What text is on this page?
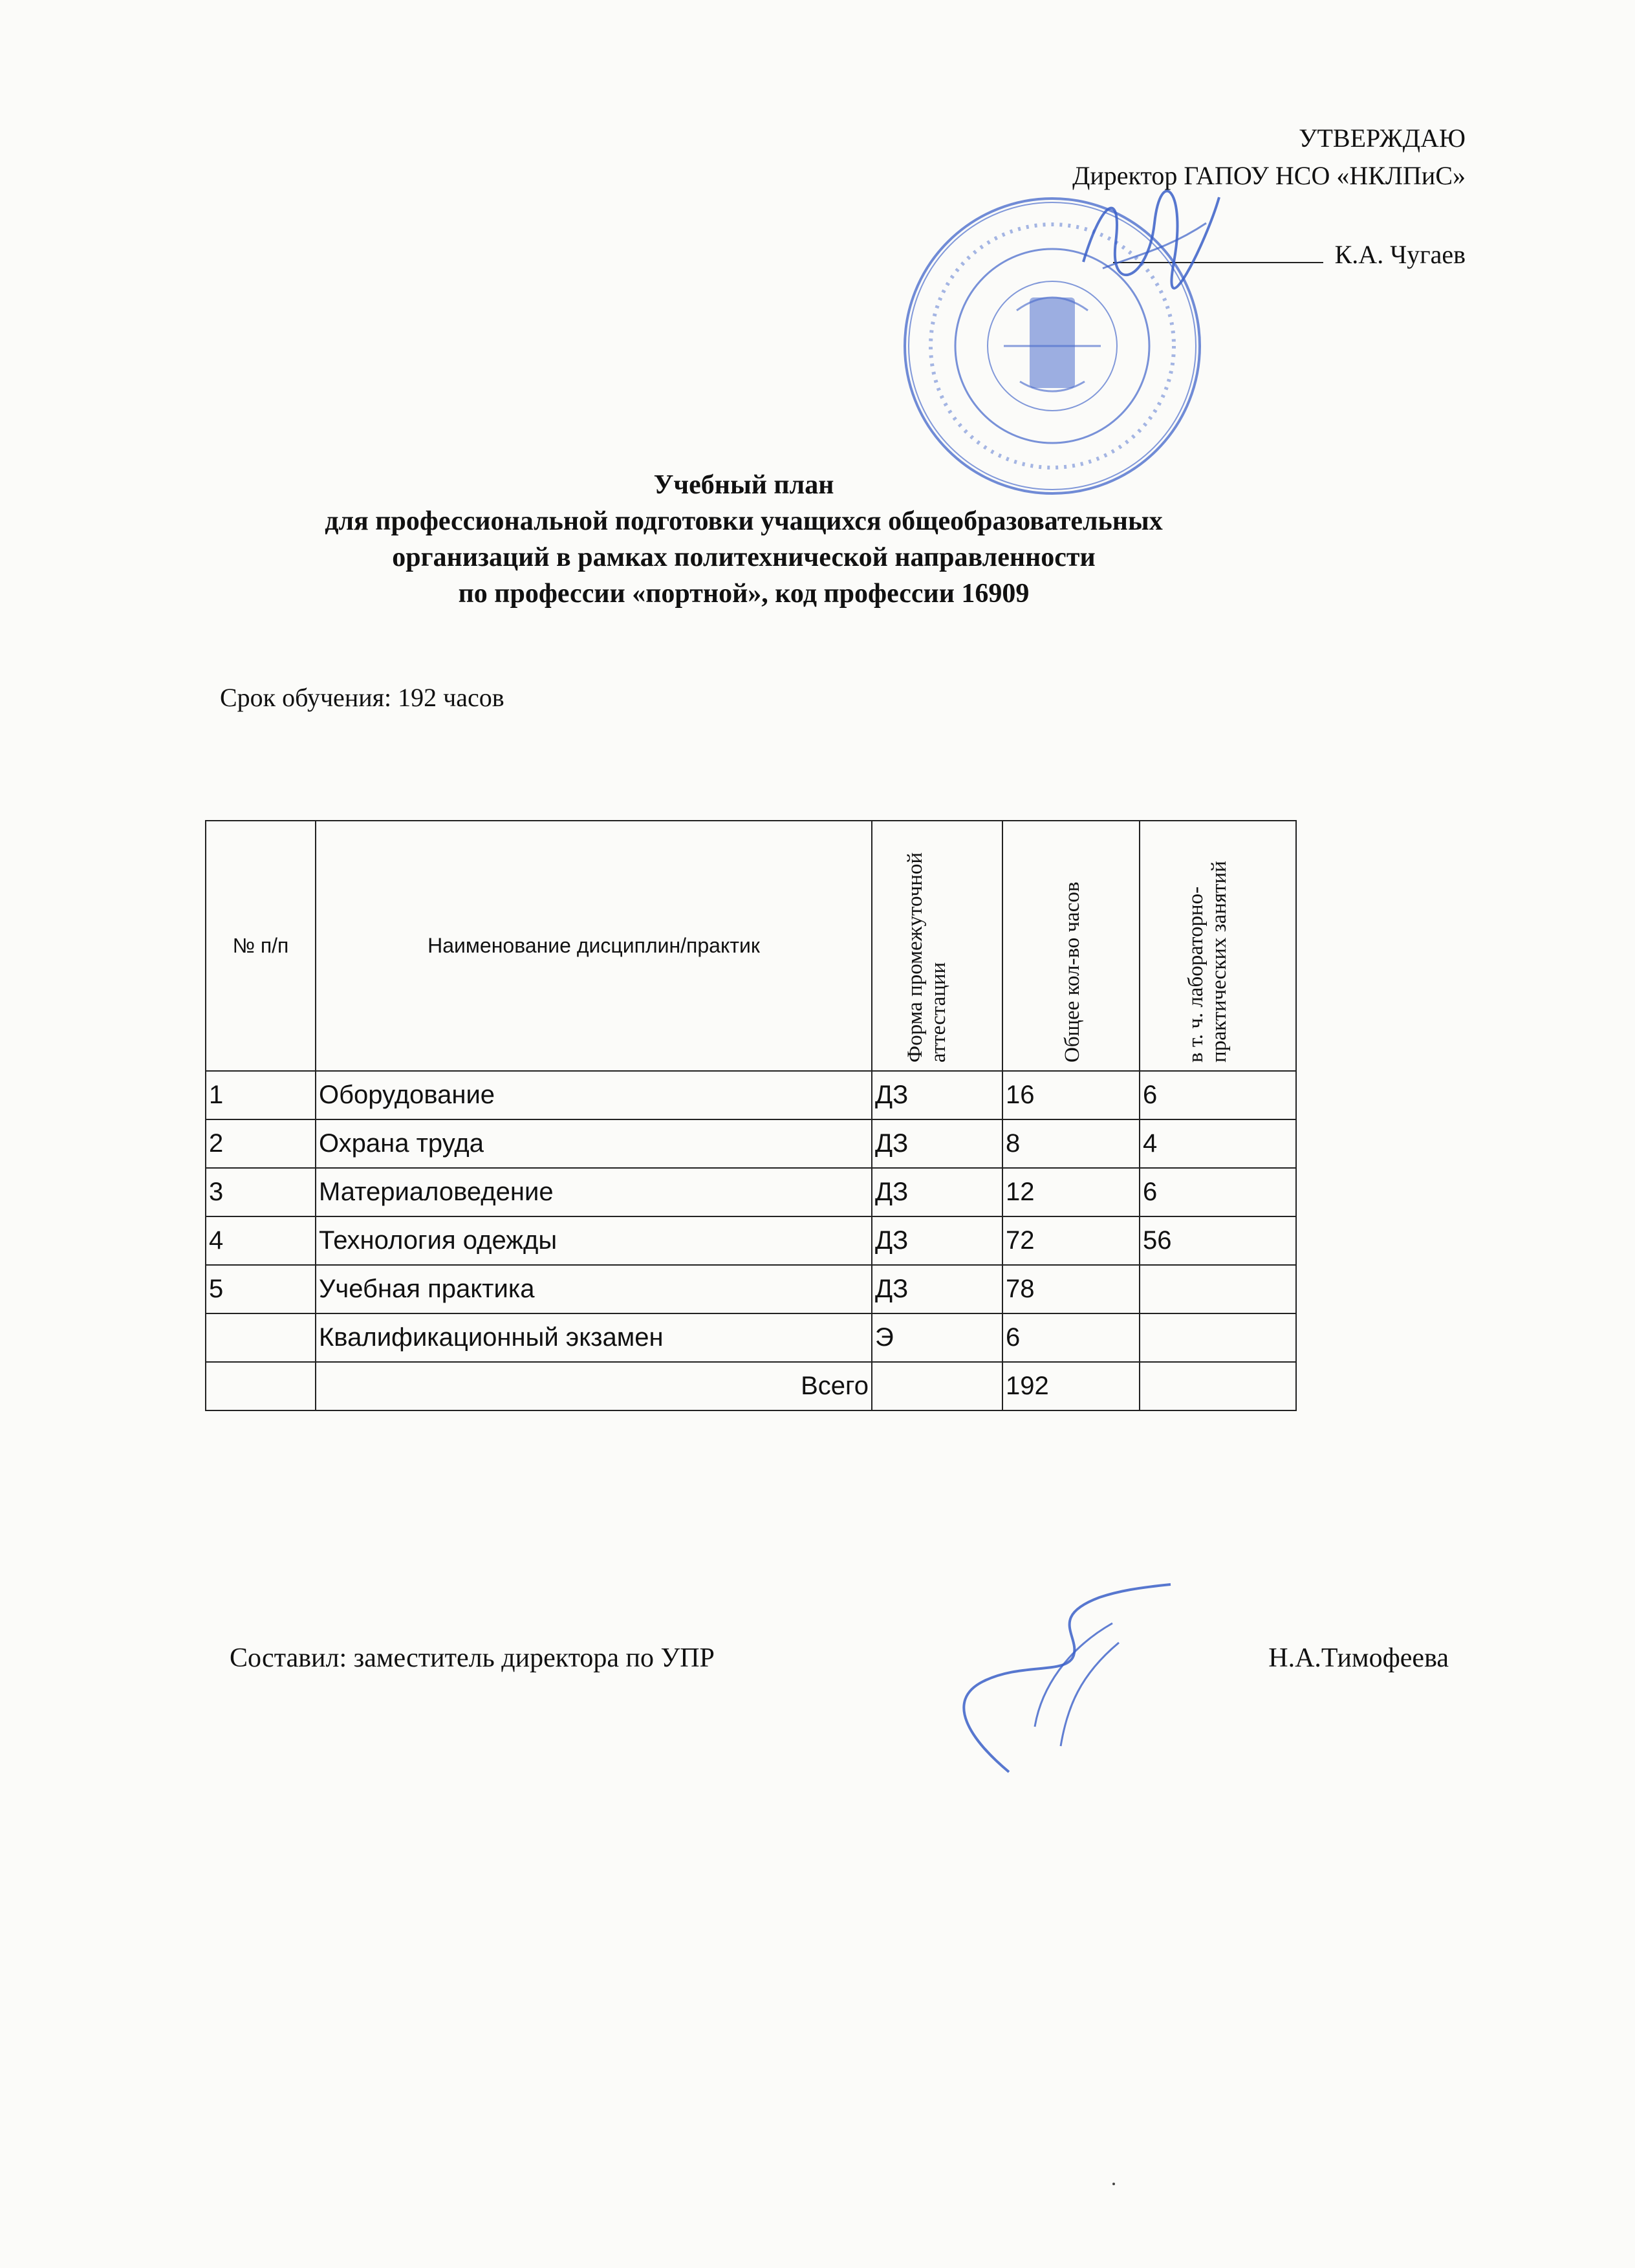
УТВЕРЖДАЮ
Директор ГАПОУ НСО «НКЛПиС»
К.А. Чугаев
Учебный план
для профессиональной подготовки учащихся общеобразовательных
организаций в рамках политехнической направленности
по профессии «портной», код профессии 16909
Срок обучения: 192 часов
№ п/п	Наименование дисциплин/практик	Форма промежуточной аттестации	Общее кол-во часов	в т. ч. лабораторно-практических занятий

1	Оборудование	ДЗ	16	6
2	Охрана труда	ДЗ	8	4
3	Материаловедение	ДЗ	12	6
4	Технология одежды	ДЗ	72	56
5	Учебная практика	ДЗ	78	
	Квалификационный экзамен	Э	6	
	Всего		192	
Составил: заместитель директора по УПР	Н.А.Тимофеева
